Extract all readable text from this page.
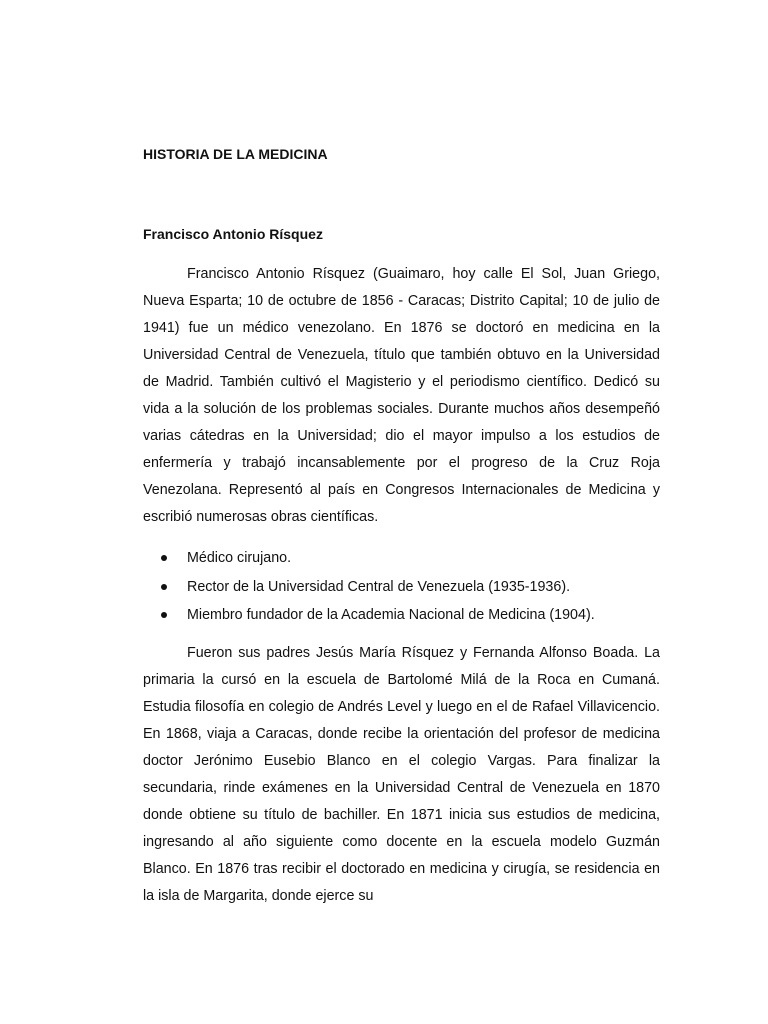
HISTORIA DE LA MEDICINA
Francisco Antonio Rísquez

Francisco Antonio Rísquez (Guaimaro, hoy calle El Sol, Juan Griego, Nueva Esparta; 10 de octubre de 1856 - Caracas; Distrito Capital; 10 de julio de 1941) fue un médico venezolano. En 1876 se doctoró en medicina en la Universidad Central de Venezuela, título que también obtuvo en la Universidad de Madrid. También cultivó el Magisterio y el periodismo científico. Dedicó su vida a la solución de los problemas sociales. Durante muchos años desempeñó varias cátedras en la Universidad; dio el mayor impulso a los estudios de enfermería y trabajó incansablemente por el progreso de la Cruz Roja Venezolana. Representó al país en Congresos Internacionales de Medicina y escribió numerosas obras científicas.

Médico cirujano.
Rector de la Universidad Central de Venezuela (1935-1936).
Miembro fundador de la Academia Nacional de Medicina (1904).

Fueron sus padres Jesús María Rísquez y Fernanda Alfonso Boada. La primaria la cursó en la escuela de Bartolomé Milá de la Roca en Cumaná. Estudia filosofía en colegio de Andrés Level y luego en el de Rafael Villavicencio. En 1868, viaja a Caracas, donde recibe la orientación del profesor de medicina doctor Jerónimo Eusebio Blanco en el colegio Vargas. Para finalizar la secundaria, rinde exámenes en la Universidad Central de Venezuela en 1870 donde obtiene su título de bachiller. En 1871 inicia sus estudios de medicina, ingresando al año siguiente como docente en la escuela modelo Guzmán Blanco. En 1876 tras recibir el doctorado en medicina y cirugía, se residencia en la isla de Margarita, donde ejerce su
